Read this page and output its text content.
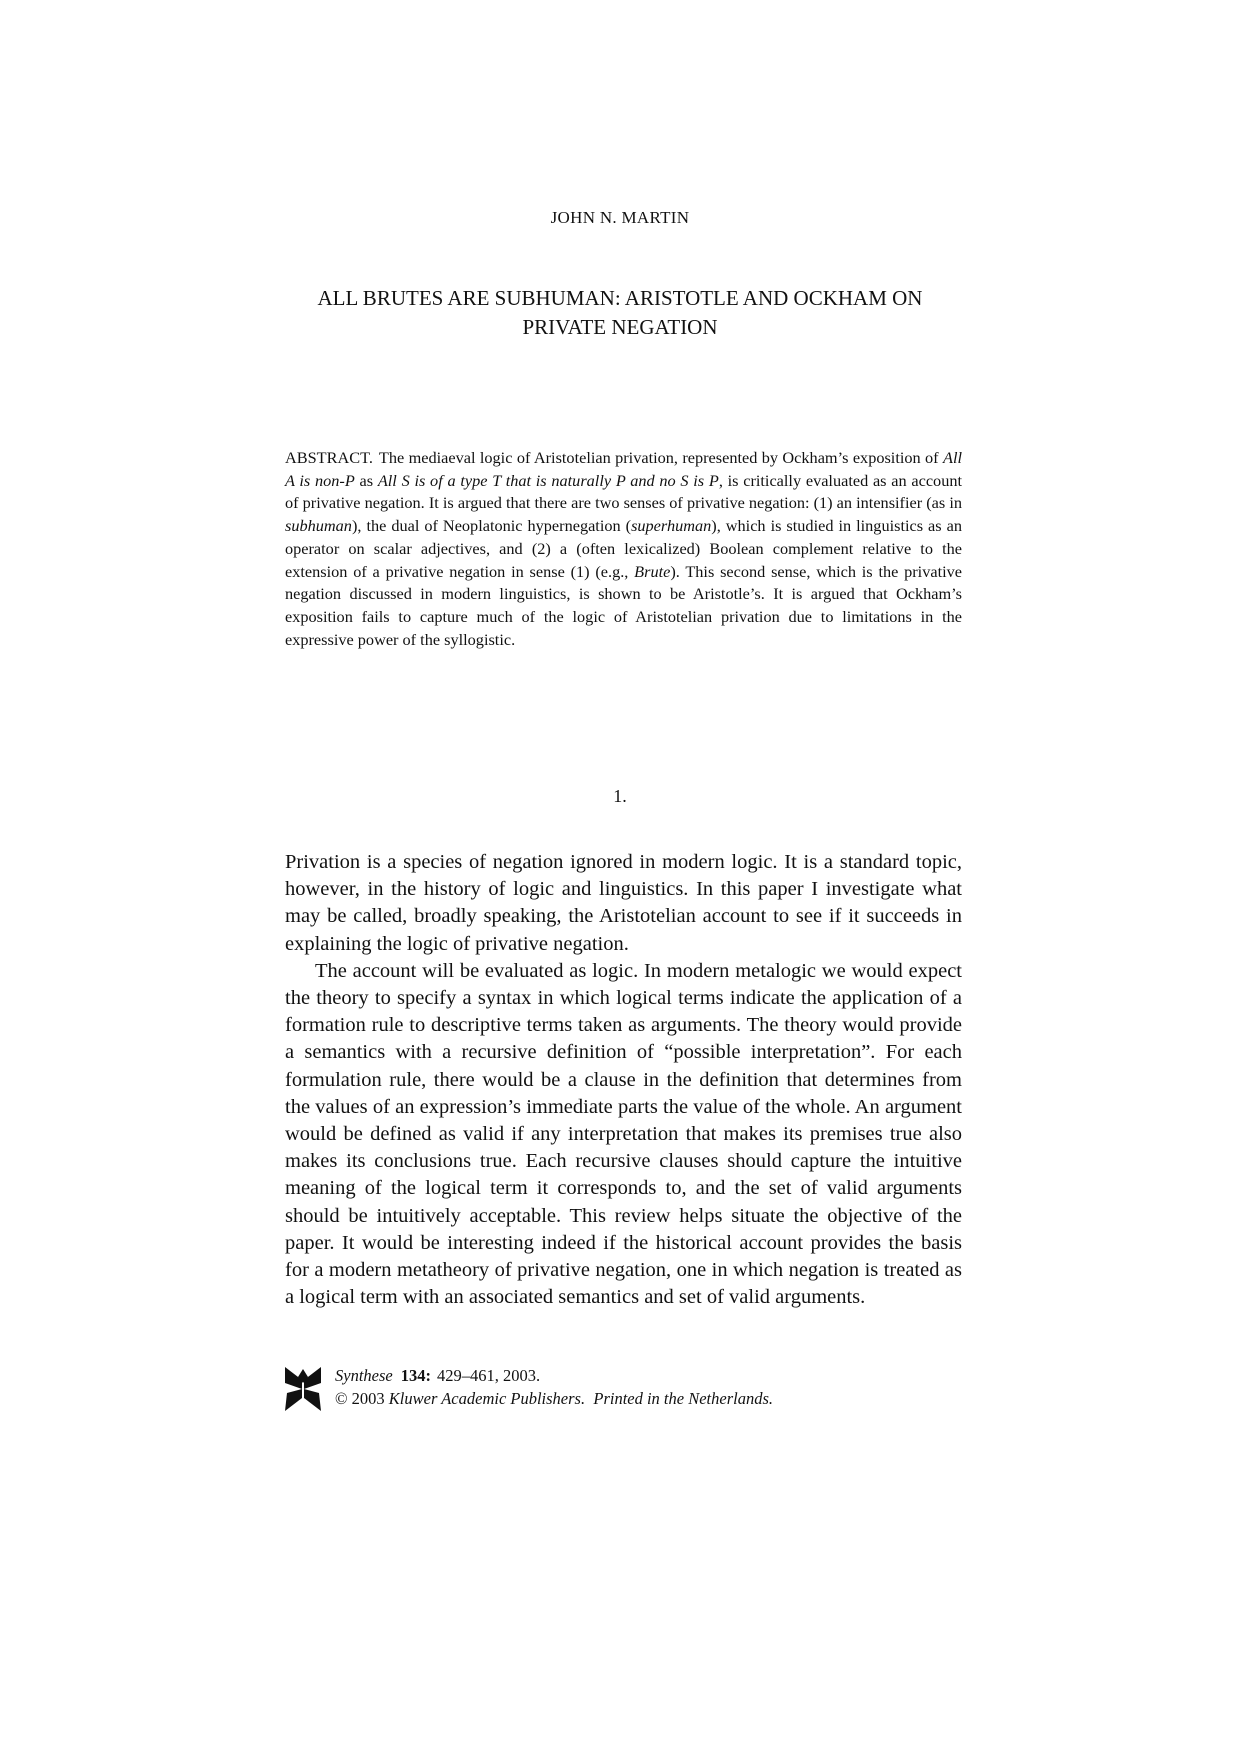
JOHN N. MARTIN
ALL BRUTES ARE SUBHUMAN: ARISTOTLE AND OCKHAM ON
PRIVATE NEGATION
ABSTRACT. The mediaeval logic of Aristotelian privation, represented by Ockham’s exposition of All A is non-P as All S is of a type T that is naturally P and no S is P, is critically evaluated as an account of privative negation. It is argued that there are two senses of privative negation: (1) an intensifier (as in subhuman), the dual of Neoplatonic hypernegation (superhuman), which is studied in linguistics as an operator on scalar adjectives, and (2) a (often lexicalized) Boolean complement relative to the extension of a privative negation in sense (1) (e.g., Brute). This second sense, which is the privative negation discussed in modern linguistics, is shown to be Aristotle’s. It is argued that Ockham’s exposition fails to capture much of the logic of Aristotelian privation due to limitations in the expressive power of the syllogistic.
1.

Privation is a species of negation ignored in modern logic. It is a standard topic, however, in the history of logic and linguistics. In this paper I investigate what may be called, broadly speaking, the Aristotelian account to see if it succeeds in explaining the logic of privative negation.

The account will be evaluated as logic. In modern metalogic we would expect the theory to specify a syntax in which logical terms indicate the application of a formation rule to descriptive terms taken as arguments. The theory would provide a semantics with a recursive definition of “possible interpretation”. For each formulation rule, there would be a clause in the definition that determines from the values of an expression’s immediate parts the value of the whole. An argument would be defined as valid if any interpretation that makes its premises true also makes its conclusions true. Each recursive clauses should capture the intuitive meaning of the logical term it corresponds to, and the set of valid arguments should be intuitively acceptable. This review helps situate the objective of the paper. It would be interesting indeed if the historical account provides the basis for a modern metatheory of privative negation, one in which negation is treated as a logical term with an associated semantics and set of valid arguments.

Synthese 134: 429–461, 2003.
© 2003 Kluwer Academic Publishers. Printed in the Netherlands.
